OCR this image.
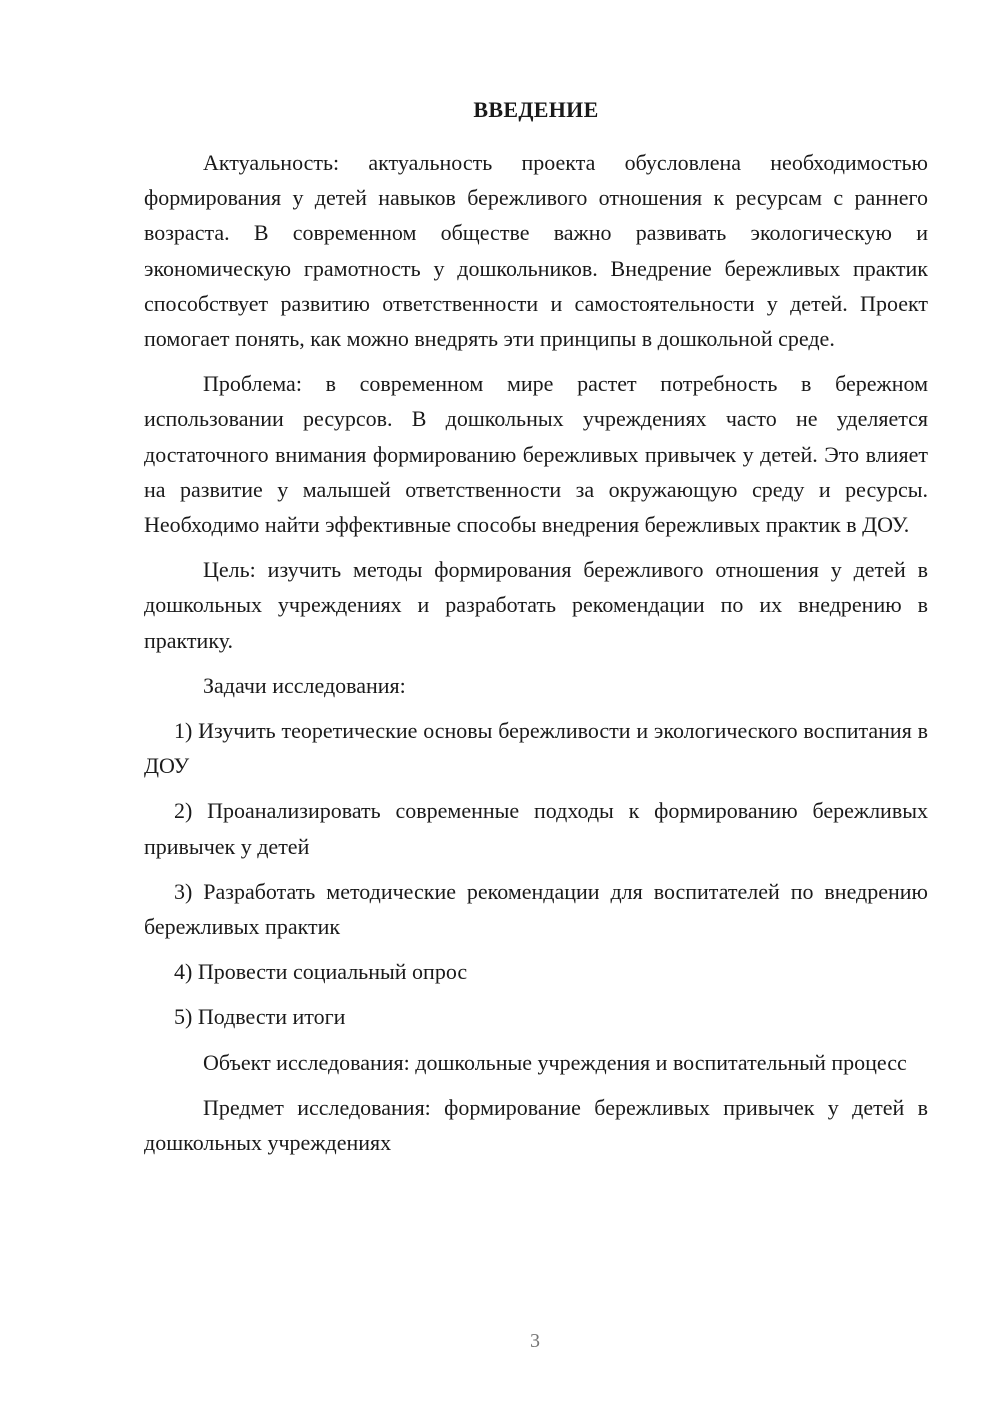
ВВЕДЕНИЕ

Актуальность: актуальность проекта обусловлена необходимостью формирования у детей навыков бережливого отношения к ресурсам с раннего возраста. В современном обществе важно развивать экологическую и экономическую грамотность у дошкольников. Внедрение бережливых практик способствует развитию ответственности и самостоятельности у детей. Проект помогает понять, как можно внедрять эти принципы в дошкольной среде.

Проблема: в современном мире растет потребность в бережном использовании ресурсов. В дошкольных учреждениях часто не уделяется достаточного внимания формированию бережливых привычек у детей. Это влияет на развитие у малышей ответственности за окружающую среду и ресурсы. Необходимо найти эффективные способы внедрения бережливых практик в ДОУ.

Цель: изучить методы формирования бережливого отношения у детей в дошкольных учреждениях и разработать рекомендации по их внедрению в практику.

Задачи исследования:

1) Изучить теоретические основы бережливости и экологического воспитания в ДОУ

2) Проанализировать современные подходы к формированию бережливых привычек у детей

3) Разработать методические рекомендации для воспитателей по внедрению бережливых практик

4) Провести социальный опрос

5) Подвести итоги

Объект исследования: дошкольные учреждения и воспитательный процесс

Предмет исследования: формирование бережливых привычек у детей в дошкольных учреждениях

3
